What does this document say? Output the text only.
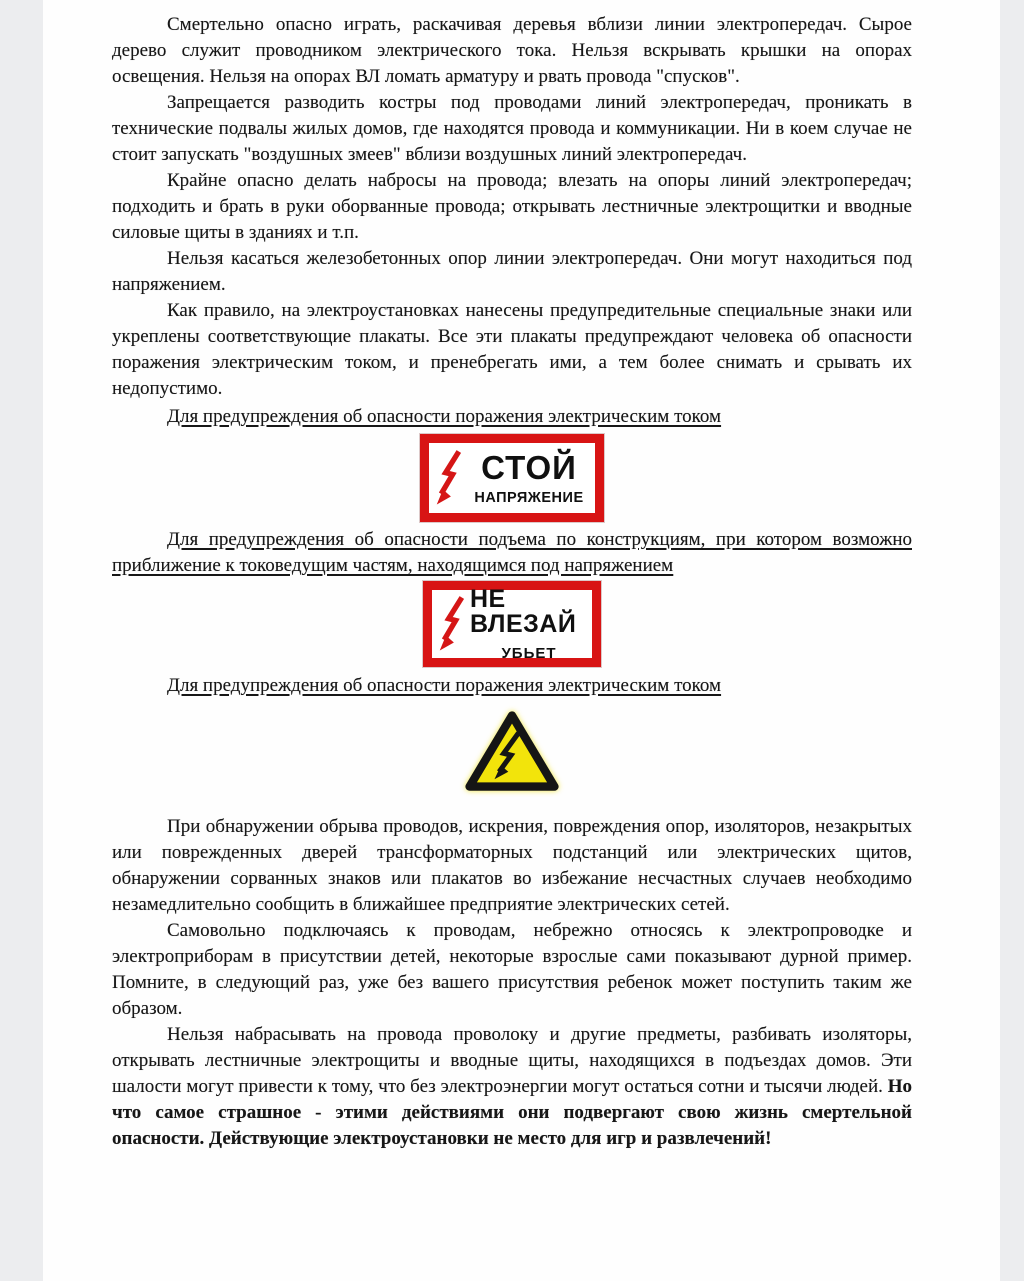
Смертельно опасно играть, раскачивая деревья вблизи линии электропередач. Сырое дерево служит проводником электрического тока. Нельзя вскрывать крышки на опорах освещения. Нельзя на опорах ВЛ ломать арматуру и рвать провода "спусков".

Запрещается разводить костры под проводами линий электропередач, проникать в технические подвалы жилых домов, где находятся провода и коммуникации. Ни в коем случае не стоит запускать "воздушных змеев" вблизи воздушных линий электропередач.

Крайне опасно делать набросы на провода; влезать на опоры линий электропередач; подходить и брать в руки оборванные провода; открывать лестничные электрощитки и вводные силовые щиты в зданиях и т.п.

Нельзя касаться железобетонных опор линии электропередач. Они могут находиться под напряжением.

Как правило, на электроустановках нанесены предупредительные специальные знаки или укреплены соответствующие плакаты. Все эти плакаты предупреждают человека об опасности поражения электрическим током, и пренебрегать ими, а тем более снимать и срывать их недопустимо.

Для предупреждения об опасности поражения электрическим током

СТОЙ
НАПРЯЖЕНИЕ

Для предупреждения об опасности подъема по конструкциям, при котором возможно приближение к токоведущим частям, находящимся под напряжением

НЕ ВЛЕЗАЙ
УБЬЕТ

Для предупреждения об опасности поражения электрическим током

При обнаружении обрыва проводов, искрения, повреждения опор, изоляторов, незакрытых или поврежденных дверей трансформаторных подстанций или электрических щитов, обнаружении сорванных знаков или плакатов во избежание несчастных случаев необходимо незамедлительно сообщить в ближайшее предприятие электрических сетей.

Самовольно подключаясь к проводам, небрежно относясь к электропроводке и электроприборам в присутствии детей, некоторые взрослые сами показывают дурной пример. Помните, в следующий раз, уже без вашего присутствия ребенок может поступить таким же образом.

Нельзя набрасывать на провода проволоку и другие предметы, разбивать изоляторы, открывать лестничные электрощиты и вводные щиты, находящихся в подъездах домов. Эти шалости могут привести к тому, что без электроэнергии могут остаться сотни и тысячи людей. Но что самое страшное - этими действиями они подвергают свою жизнь смертельной опасности. Действующие электроустановки не место для игр и развлечений!
